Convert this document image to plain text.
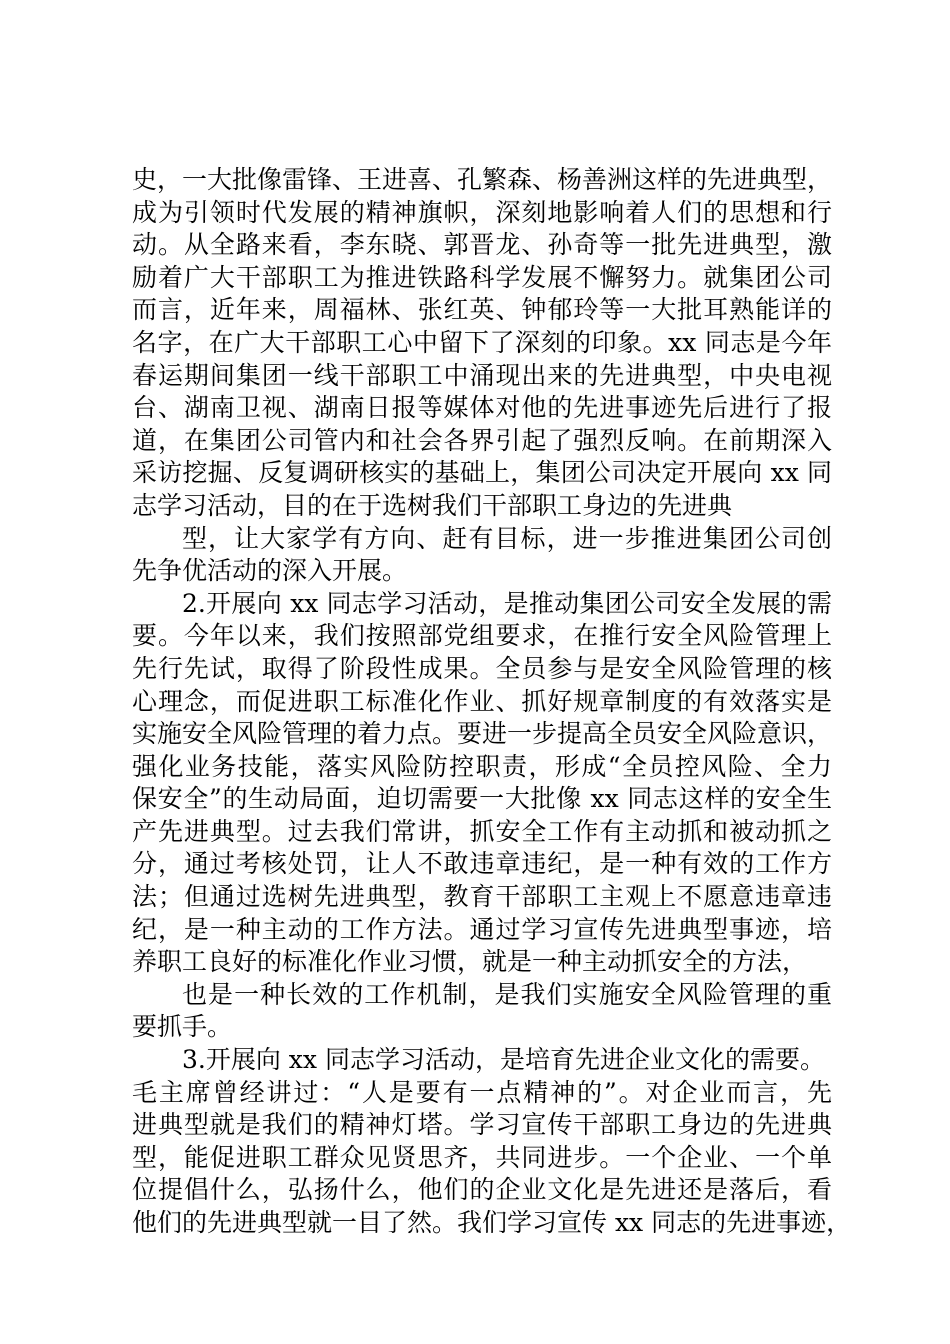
史，一大批像雷锋、王进喜、孔繁森、杨善洲这样的先进典型，
成为引领时代发展的精神旗帜，深刻地影响着人们的思想和行
动。从全路来看，李东晓、郭晋龙、孙奇等一批先进典型，激
励着广大干部职工为推进铁路科学发展不懈努力。就集团公司
而言，近年来，周福林、张红英、钟郁玲等一大批耳熟能详的
名字，在广大干部职工心中留下了深刻的印象。xx 同志是今年
春运期间集团一线干部职工中涌现出来的先进典型，中央电视
台、湖南卫视、湖南日报等媒体对他的先进事迹先后进行了报
道，在集团公司管内和社会各界引起了强烈反响。在前期深入
采访挖掘、反复调研核实的基础上，集团公司决定开展向 xx 同
志学习活动，目的在于选树我们干部职工身边的先进典
型，让大家学有方向、赶有目标，进一步推进集团公司创
先争优活动的深入开展。
2.开展向 xx 同志学习活动，是推动集团公司安全发展的需
要。今年以来，我们按照部党组要求，在推行安全风险管理上
先行先试，取得了阶段性成果。全员参与是安全风险管理的核
心理念，而促进职工标准化作业、抓好规章制度的有效落实是
实施安全风险管理的着力点。要进一步提高全员安全风险意识，
强化业务技能，落实风险防控职责，形成“全员控风险、全力
保安全”的生动局面，迫切需要一大批像 xx 同志这样的安全生
产先进典型。过去我们常讲，抓安全工作有主动抓和被动抓之
分，通过考核处罚，让人不敢违章违纪，是一种有效的工作方
法；但通过选树先进典型，教育干部职工主观上不愿意违章违
纪，是一种主动的工作方法。通过学习宣传先进典型事迹，培
养职工良好的标准化作业习惯，就是一种主动抓安全的方法，
也是一种长效的工作机制，是我们实施安全风险管理的重
要抓手。
3.开展向 xx 同志学习活动，是培育先进企业文化的需要。
毛主席曾经讲过：“人是要有一点精神的”。对企业而言，先
进典型就是我们的精神灯塔。学习宣传干部职工身边的先进典
型，能促进职工群众见贤思齐，共同进步。一个企业、一个单
位提倡什么，弘扬什么，他们的企业文化是先进还是落后，看
他们的先进典型就一目了然。我们学习宣传 xx 同志的先进事迹，
